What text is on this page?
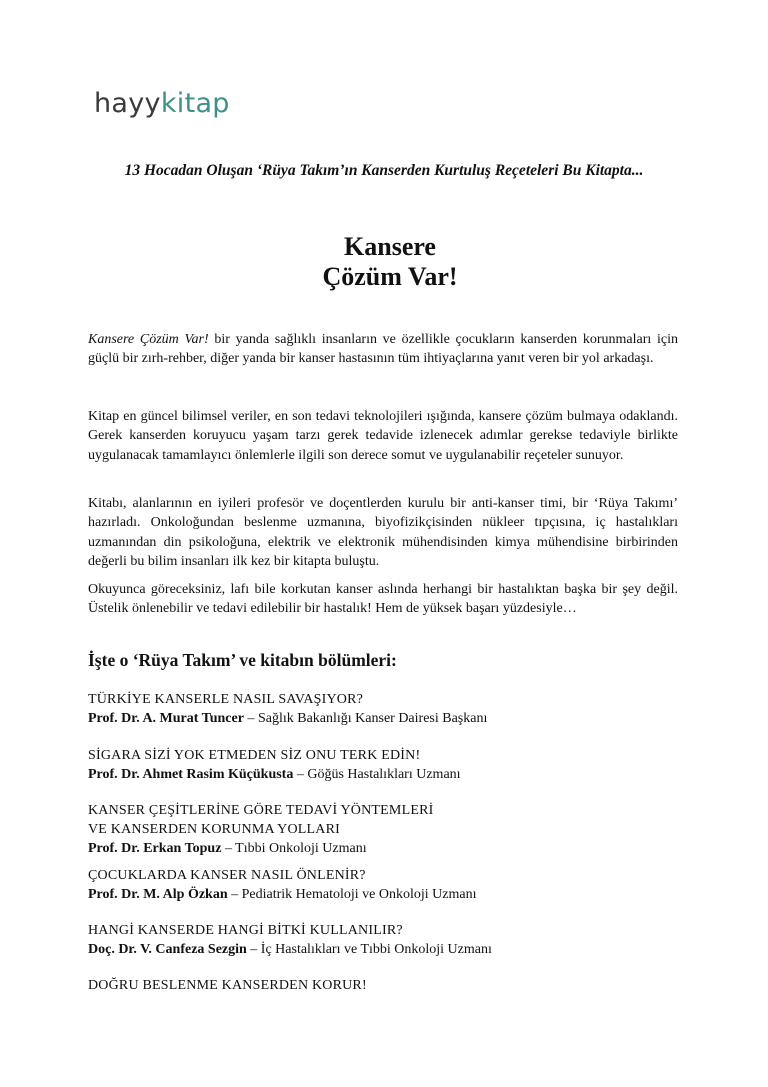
hayykitap
13 Hocadan Oluşan ‘Rüya Takım’ın Kanserden Kurtuluş Reçeteleri Bu Kitapta...
Kansere
Çözüm Var!

Kansere Çözüm Var! bir yanda sağlıklı insanların ve özellikle çocukların kanserden korunmaları için güçlü bir zırh-rehber, diğer yanda bir kanser hastasının tüm ihtiyaçlarına yanıt veren bir yol arkadaşı.

Kitap en güncel bilimsel veriler, en son tedavi teknolojileri ışığında, kansere çözüm bulmaya odaklandı. Gerek kanserden koruyucu yaşam tarzı gerek tedavide izlenecek adımlar gerekse tedaviyle birlikte uygulanacak tamamlayıcı önlemlerle ilgili son derece somut ve uygulanabilir reçeteler sunuyor.

Kitabı, alanlarının en iyileri profesör ve doçentlerden kurulu bir anti-kanser timi, bir ‘Rüya Takımı’ hazırladı. Onkoloğundan beslenme uzmanına, biyofizikçisinden nükleer tıpçısına, iç hastalıkları uzmanından din psikoloğuna, elektrik ve elektronik mühendisinden kimya mühendisine birbirinden değerli bu bilim insanları ilk kez bir kitapta buluştu.

Okuyunca göreceksiniz, lafı bile korkutan kanser aslında herhangi bir hastalıktan başka bir şey değil. Üstelik önlenebilir ve tedavi edilebilir bir hastalık! Hem de yüksek başarı yüzdesiyle…

İşte o ‘Rüya Takım’ ve kitabın bölümleri:

TÜRKİYE KANSERLE NASIL SAVAŞIYOR?
Prof. Dr. A. Murat Tuncer – Sağlık Bakanlığı Kanser Dairesi Başkanı
SİGARA SİZİ YOK ETMEDEN SİZ ONU TERK EDİN!
Prof. Dr. Ahmet Rasim Küçükusta – Göğüs Hastalıkları Uzmanı
KANSER ÇEŞİTLERİNE GÖRE TEDAVİ YÖNTEMLERİ
VE KANSERDEN KORUNMA YOLLARI
Prof. Dr. Erkan Topuz – Tıbbi Onkoloji Uzmanı
ÇOCUKLARDA KANSER NASIL ÖNLENİR?
Prof. Dr. M. Alp Özkan – Pediatrik Hematoloji ve Onkoloji Uzmanı
HANGİ KANSERDE HANGİ BİTKİ KULLANILIR?
Doç. Dr. V. Canfeza Sezgin – İç Hastalıkları ve Tıbbi Onkoloji Uzmanı
DOĞRU BESLENME KANSERDEN KORUR!
